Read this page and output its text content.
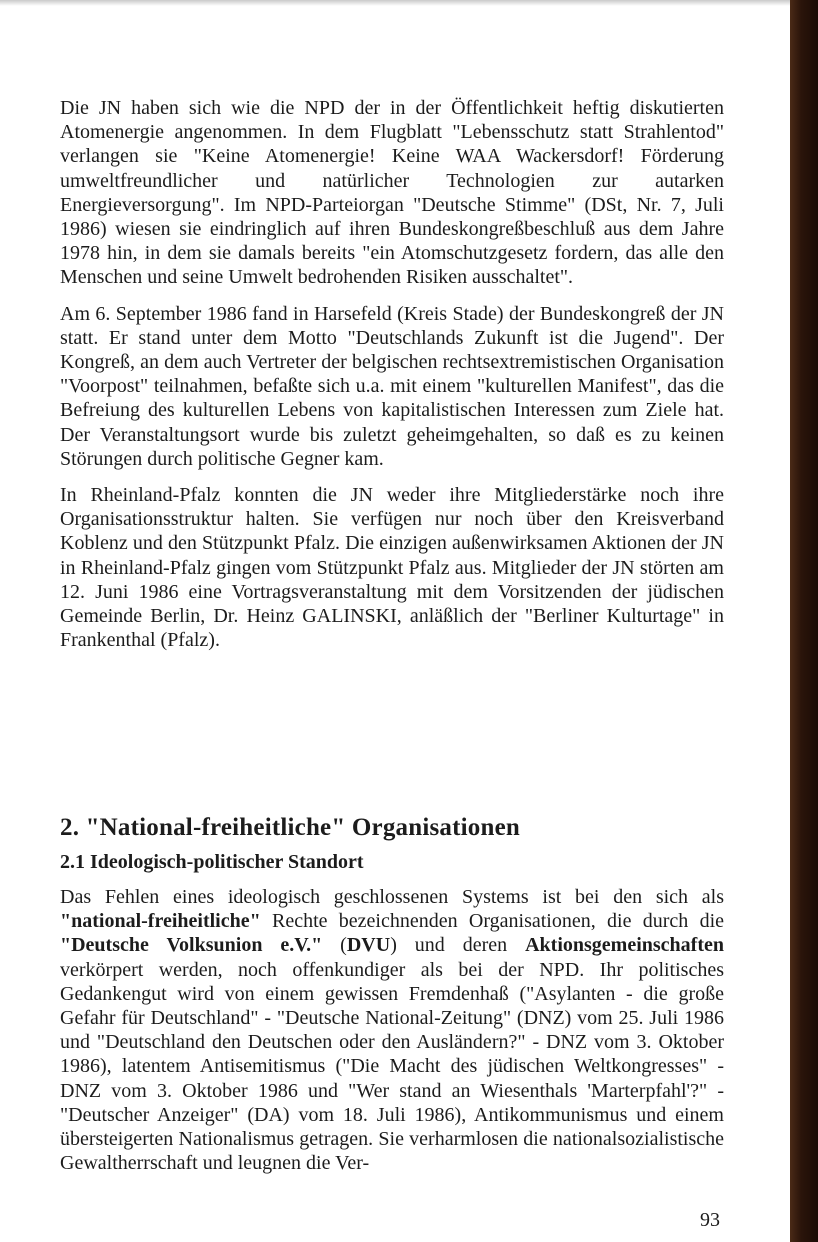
Die JN haben sich wie die NPD der in der Öffentlichkeit heftig diskutierten Atomenergie angenommen. In dem Flugblatt "Lebensschutz statt Strahlentod" verlangen sie "Keine Atomenergie! Keine WAA Wackersdorf! Förderung umweltfreundlicher und natürlicher Technologien zur autarken Energieversorgung". Im NPD-Parteiorgan "Deutsche Stimme" (DSt, Nr. 7, Juli 1986) wiesen sie eindringlich auf ihren Bundeskongreßbeschluß aus dem Jahre 1978 hin, in dem sie damals bereits "ein Atomschutzgesetz fordern, das alle den Menschen und seine Umwelt bedrohenden Risiken ausschaltet".

Am 6. September 1986 fand in Harsefeld (Kreis Stade) der Bundeskongreß der JN statt. Er stand unter dem Motto "Deutschlands Zukunft ist die Jugend". Der Kongreß, an dem auch Vertreter der belgischen rechtsextremistischen Organisation "Voorpost" teilnahmen, befaßte sich u.a. mit einem "kulturellen Manifest", das die Befreiung des kulturellen Lebens von kapitalistischen Interessen zum Ziele hat. Der Veranstaltungsort wurde bis zuletzt geheimgehalten, so daß es zu keinen Störungen durch politische Gegner kam.

In Rheinland-Pfalz konnten die JN weder ihre Mitgliederstärke noch ihre Organisationsstruktur halten. Sie verfügen nur noch über den Kreisverband Koblenz und den Stützpunkt Pfalz. Die einzigen außenwirksamen Aktionen der JN in Rheinland-Pfalz gingen vom Stützpunkt Pfalz aus. Mitglieder der JN störten am 12. Juni 1986 eine Vortragsveranstaltung mit dem Vorsitzenden der jüdischen Gemeinde Berlin, Dr. Heinz GALINSKI, anläßlich der "Berliner Kulturtage" in Frankenthal (Pfalz).

2. "National-freiheitliche" Organisationen
2.1 Ideologisch-politischer Standort

Das Fehlen eines ideologisch geschlossenen Systems ist bei den sich als "national-freiheitliche" Rechte bezeichnenden Organisationen, die durch die "Deutsche Volksunion e.V." (DVU) und deren Aktionsgemeinschaften verkörpert werden, noch offenkundiger als bei der NPD. Ihr politisches Gedankengut wird von einem gewissen Fremdenhaß ("Asylanten - die große Gefahr für Deutschland" - "Deutsche National-Zeitung" (DNZ) vom 25. Juli 1986 und "Deutschland den Deutschen oder den Ausländern?" - DNZ vom 3. Oktober 1986), latentem Antisemitismus ("Die Macht des jüdischen Weltkongresses" - DNZ vom 3. Oktober 1986 und "Wer stand an Wiesenthals 'Marterpfahl'?" - "Deutscher Anzeiger" (DA) vom 18. Juli 1986), Antikommunismus und einem übersteigerten Nationalismus getragen. Sie verharmlosen die nationalsozialistische Gewaltherrschaft und leugnen die Ver-

93
